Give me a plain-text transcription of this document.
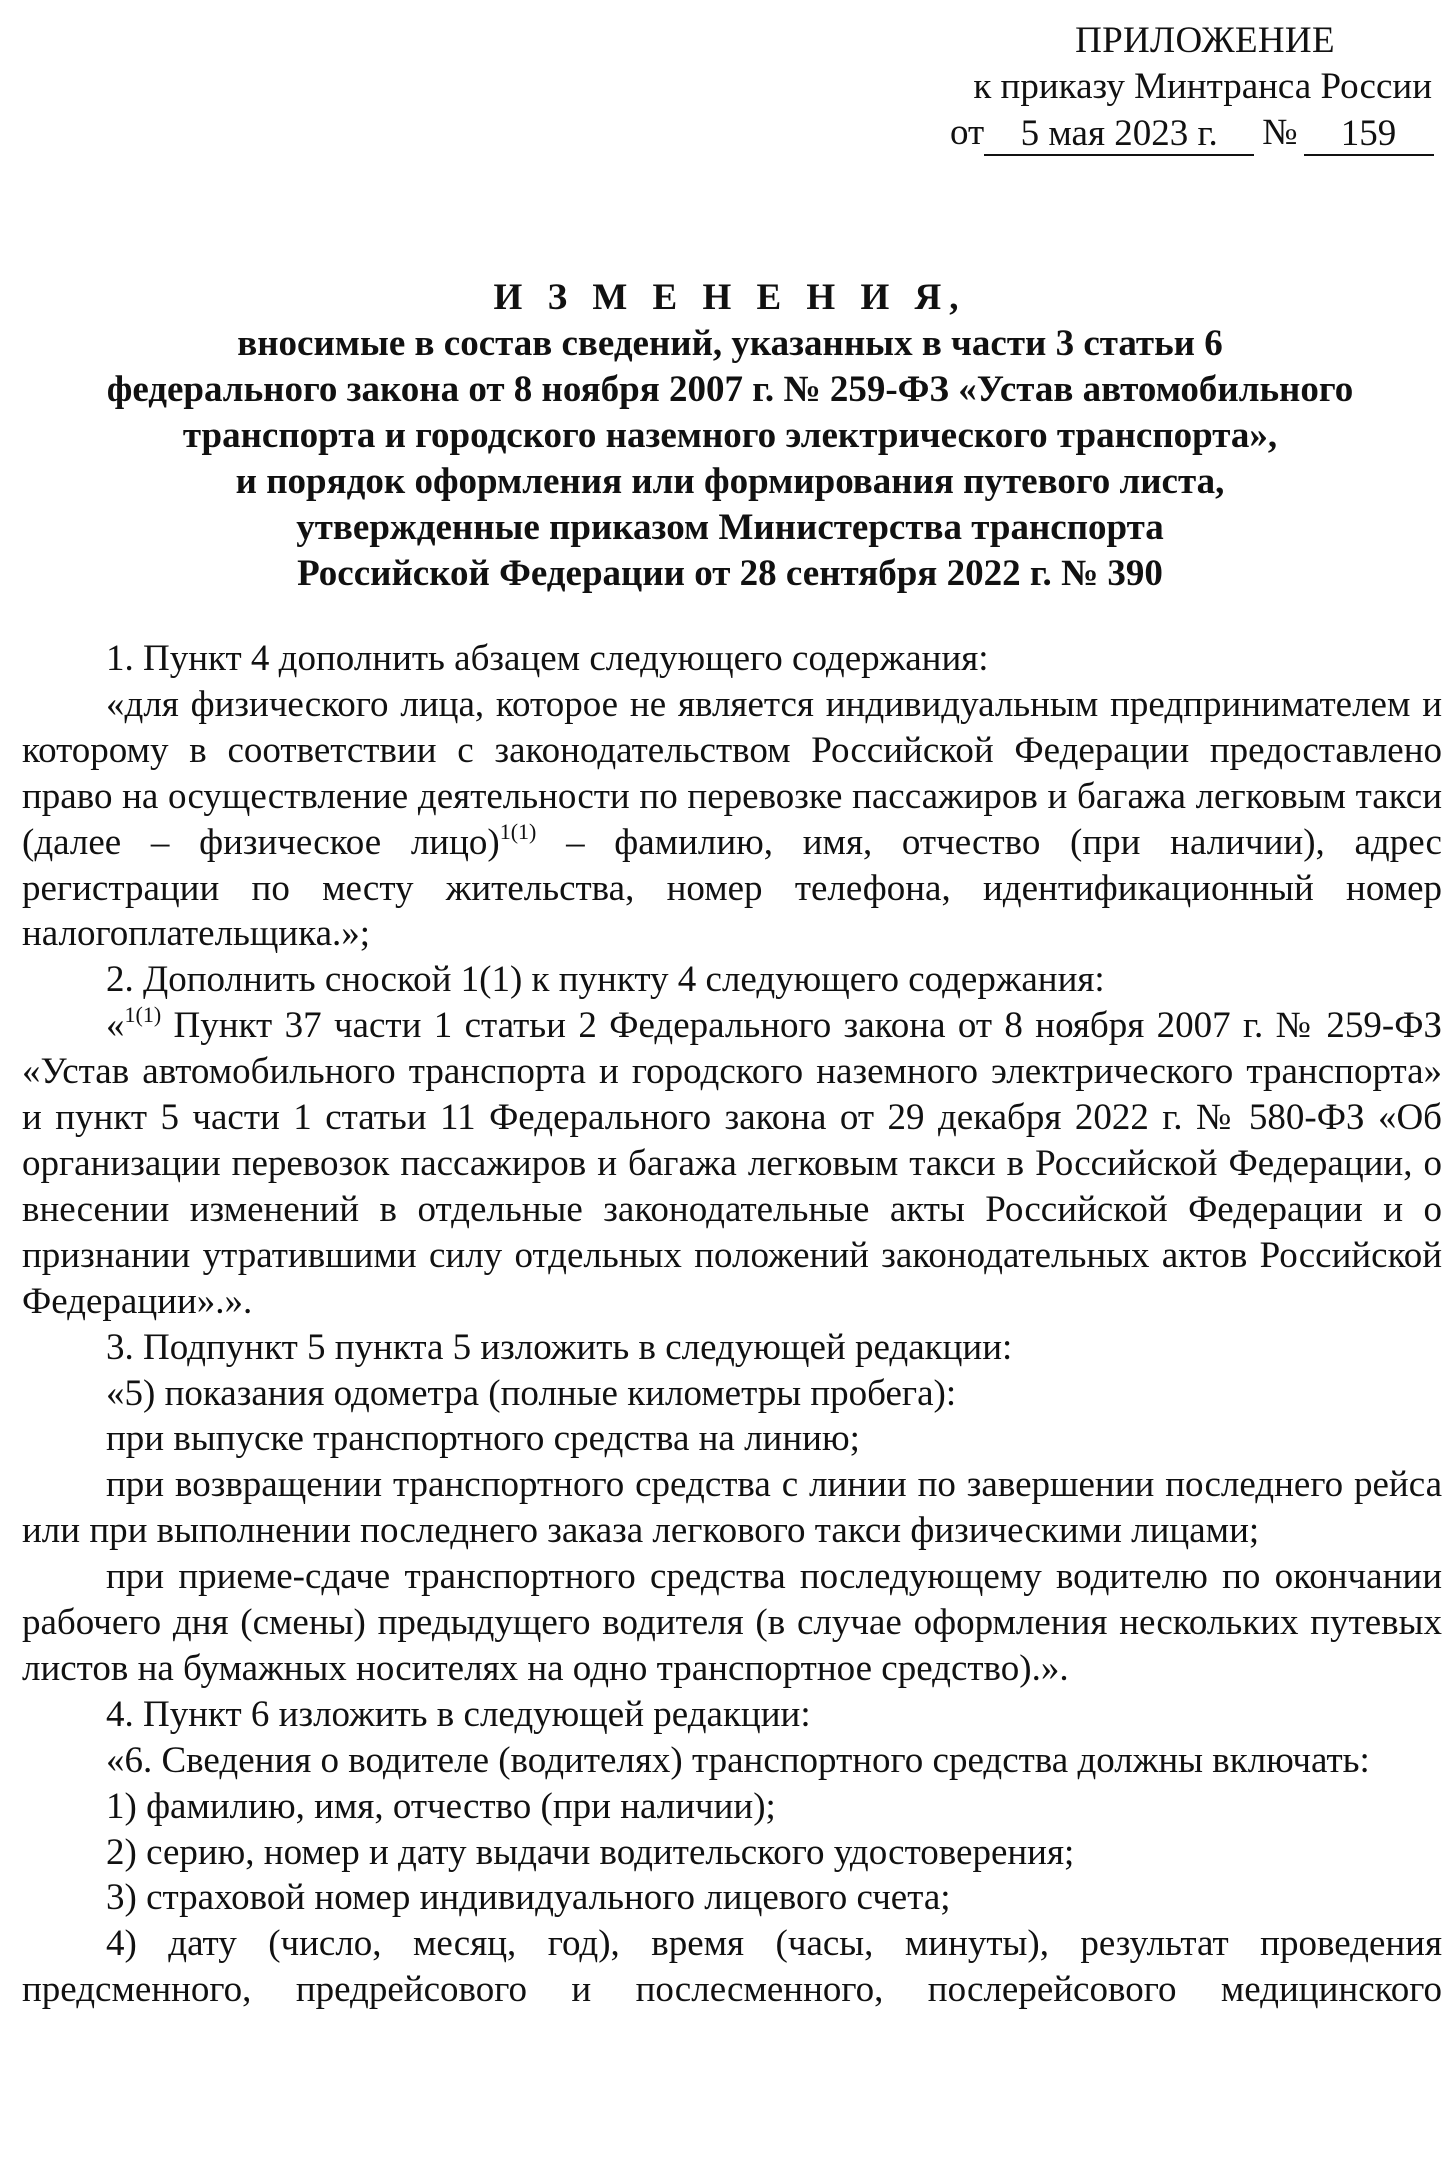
ПРИЛОЖЕНИЕ
к приказу Минтранса России
от 5 мая 2023 г.	№	159
И З М Е Н Е Н И Я,
вносимые в состав сведений, указанных в части 3 статьи 6
федерального закона от 8 ноября 2007 г. № 259-ФЗ «Устав автомобильного
транспорта и городского наземного электрического транспорта»,
и порядок оформления или формирования путевого листа,
утвержденные приказом Министерства транспорта
Российской Федерации от 28 сентября 2022 г. № 390

1. Пункт 4 дополнить абзацем следующего содержания:

«для физического лица, которое не является индивидуальным предпринимателем и которому в соответствии с законодательством Российской Федерации предоставлено право на осуществление деятельности по перевозке пассажиров и багажа легковым такси (далее – физическое лицо)$^{1(1)}$ – фамилию, имя, отчество (при наличии), адрес регистрации по месту жительства, номер телефона, идентификационный номер налогоплательщика.»;

2. Дополнить сноской 1(1) к пункту 4 следующего содержания:

«$^{1(1)}$ Пункт 37 части 1 статьи 2 Федерального закона от 8 ноября 2007 г. № 259-ФЗ «Устав автомобильного транспорта и городского наземного электрического транспорта» и пункт 5 части 1 статьи 11 Федерального закона от 29 декабря 2022 г. № 580-ФЗ «Об организации перевозок пассажиров и багажа легковым такси в Российской Федерации, о внесении изменений в отдельные законодательные акты Российской Федерации и о признании утратившими силу отдельных положений законодательных актов Российской Федерации».».

3. Подпункт 5 пункта 5 изложить в следующей редакции:

«5) показания одометра (полные километры пробега):

при выпуске транспортного средства на линию;

при возвращении транспортного средства с линии по завершении последнего рейса или при выполнении последнего заказа легкового такси физическими лицами;

при приеме-сдаче транспортного средства последующему водителю по окончании рабочего дня (смены) предыдущего водителя (в случае оформления нескольких путевых листов на бумажных носителях на одно транспортное средство).».

4. Пункт 6 изложить в следующей редакции:

«6. Сведения о водителе (водителях) транспортного средства должны включать:

1) фамилию, имя, отчество (при наличии);

2) серию, номер и дату выдачи водительского удостоверения;

3) страховой номер индивидуального лицевого счета;

4) дату (число, месяц, год), время (часы, минуты), результат проведения предсменного, предрейсового и послесменного, послерейсового медицинского
